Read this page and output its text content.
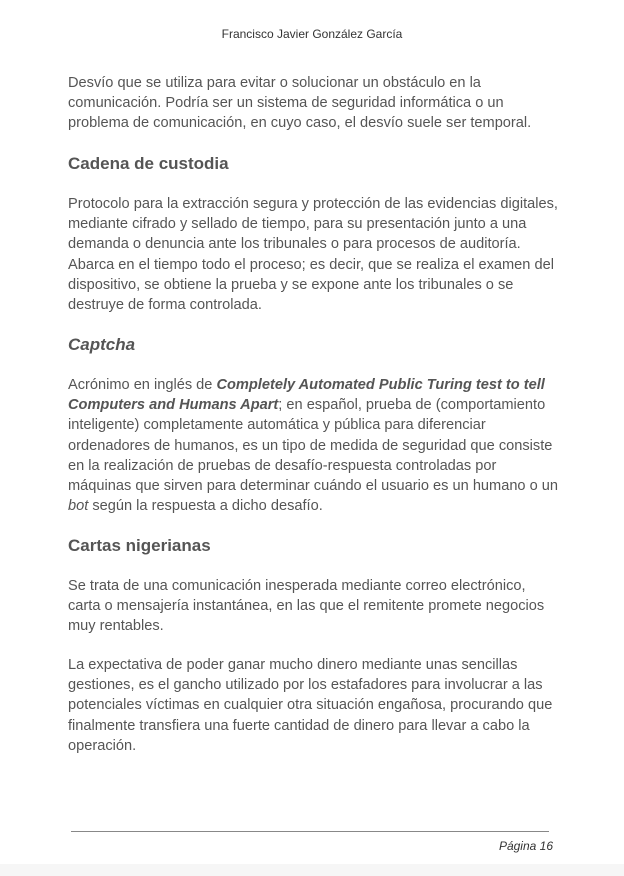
Francisco Javier González García

Desvío que se utiliza para evitar o solucionar un obstáculo en la comunicación. Podría ser un sistema de seguridad informática o un problema de comunicación, en cuyo caso, el desvío suele ser temporal.

Cadena de custodia

Protocolo para la extracción segura y protección de las evidencias digitales, mediante cifrado y sellado de tiempo, para su presentación junto a una demanda o denuncia ante los tribunales o para procesos de auditoría. Abarca en el tiempo todo el proceso; es decir, que se realiza el examen del dispositivo, se obtiene la prueba y se expone ante los tribunales o se destruye de forma controlada.

Captcha

Acrónimo en inglés de Completely Automated Public Turing test to tell Computers and Humans Apart; en español, prueba de (comportamiento inteligente) completamente automática y pública para diferenciar ordenadores de humanos, es un tipo de medida de seguridad que consiste en la realización de pruebas de desafío-respuesta controladas por máquinas que sirven para determinar cuándo el usuario es un humano o un bot según la respuesta a dicho desafío.

Cartas nigerianas

Se trata de una comunicación inesperada mediante correo electrónico, carta o mensajería instantánea, en las que el remitente promete negocios muy rentables.

La expectativa de poder ganar mucho dinero mediante unas sencillas gestiones, es el gancho utilizado por los estafadores para involucrar a las potenciales víctimas en cualquier otra situación engañosa, procurando que finalmente transfiera una fuerte cantidad de dinero para llevar a cabo la operación.

Página 16
